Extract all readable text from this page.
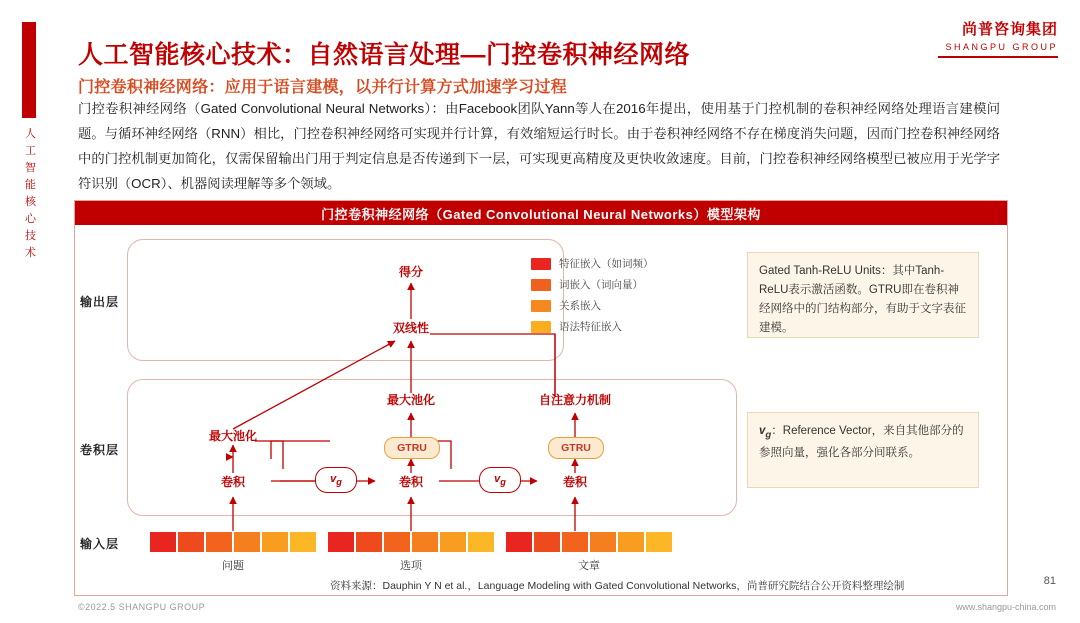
人
工
智
能
核
心
技
术
尚普咨询集团
SHANGPU GROUP
人工智能核心技术：自然语言处理—门控卷积神经网络
门控卷积神经网络：应用于语言建模，以并行计算方式加速学习过程
门控卷积神经网络（Gated Convolutional Neural Networks）：由Facebook团队Yann等人在2016年提出，使用基于门控机制的卷积神经网络处理语言建模问题。与循环神经网络（RNN）相比，门控卷积神经网络可实现并行计算，有效缩短运行时长。由于卷积神经网络不存在梯度消失问题，因而门控卷积神经网络中的门控机制更加简化，仅需保留输出门用于判定信息是否传递到下一层，可实现更高精度及更快收敛速度。目前，门控卷积神经网络模型已被应用于光学字符识别（OCR）、机器阅读理解等多个领域。
门控卷积神经网络（Gated Convolutional Neural Networks）模型架构
输出层
卷积层
输入层
特征嵌入（如词频）
词嵌入（词向量）
关系嵌入
语法特征嵌入
得分
双线性
最大池化
卷积
最大池化
GTRU
卷积
自注意力机制
GTRU
卷积
$v_g$	$v_g$
问题	选项	文章
Gated Tanh-ReLU Units：其中Tanh-ReLU表示激活函数。GTRU即在卷积神经网络中的门结构部分，有助于文字表征建模。
$v_g$：Reference Vector，来自其他部分的参照向量，强化各部分间联系。
资料来源：Dauphin Y N et al.，Language Modeling with Gated Convolutional Networks，尚普研究院结合公开资料整理绘制	81
©2022.5 SHANGPU GROUP	www.shangpu-china.com
